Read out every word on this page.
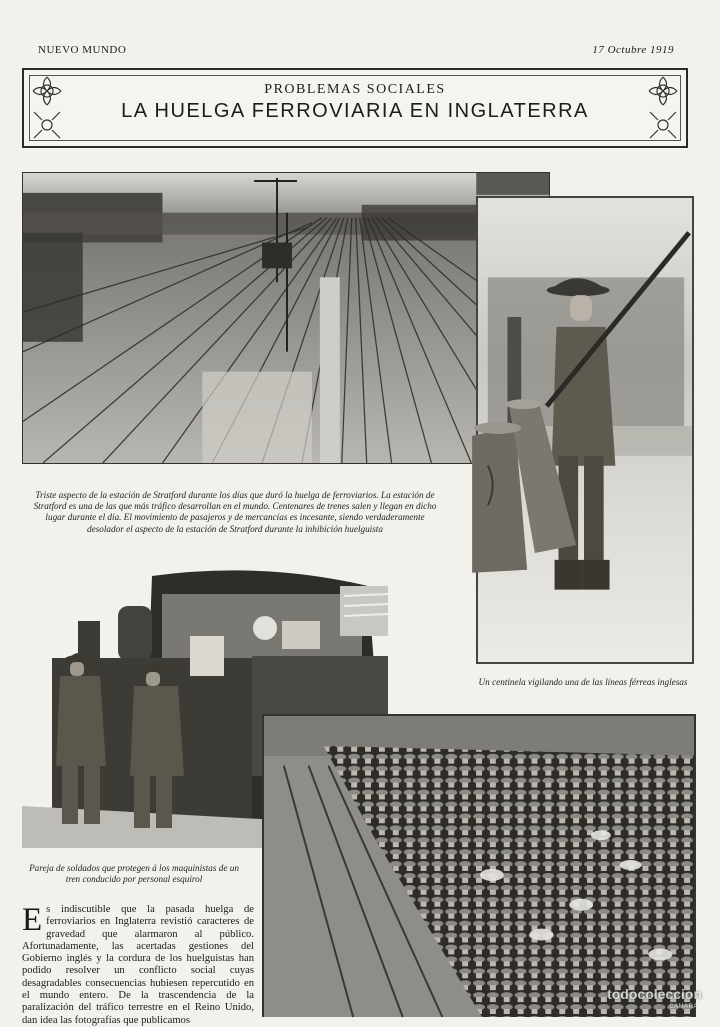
NUEVO MUNDO	17 Octubre 1919
PROBLEMAS SOCIALES
LA HUELGA FERROVIARIA EN INGLATERRA
Triste aspecto de la estación de Stratford durante los días que duró la huelga de ferroviarios. La estación de Stratford es una de las que más tráfico desarrollan en el mundo. Centenares de trenes salen y llegan en dicho lugar durante el día. El movimiento de pasajeros y de mercancías es incesante, siendo verdaderamente desolador el aspecto de la estación de Stratford durante la inhibición huelguista
Un centinela vigilando una de las líneas férreas inglesas
Pareja de soldados que protegen á los maquinistas de un tren conducido por personal esquirol
Es indiscutible que la pasada huelga de ferroviarios en Inglaterra revistió caracteres de gravedad que alarmaron al público. Afortunadamente, las acertadas gestiones del Gobierno inglés y la cordura de los huelguistas han podido resolver un conflicto social cuyas desagradables consecuencias hubiesen repercutido en el mundo entero. De la trascendencia de la paralización del tráfico terrestre en el Reino Unido, dan idea las fotografías que publicamos
todocoleccion
CAMARA
